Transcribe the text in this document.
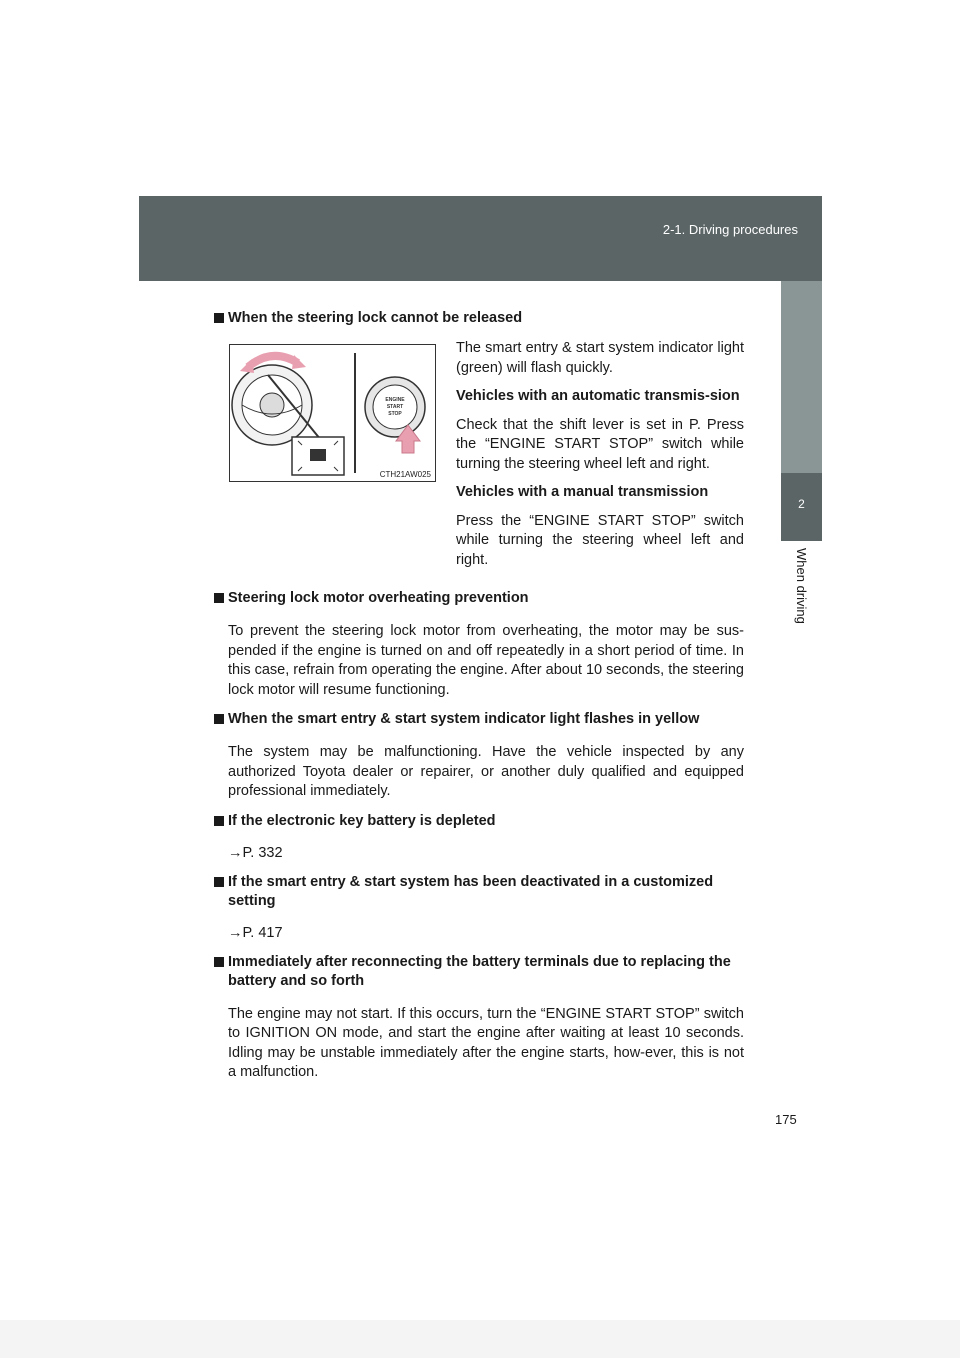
2-1. Driving procedures
2
When driving
When the steering lock cannot be released
ENGINE
START
STOP
CTH21AW025

The smart entry & start system indicator light (green) will flash quickly.

Vehicles with an automatic transmis-sion

Check that the shift lever is set in P. Press the “ENGINE START STOP” switch while turning the steering wheel left and right.

Vehicles with a manual transmission

Press the “ENGINE START STOP” switch while turning the steering wheel left and right.

Steering lock motor overheating prevention

To prevent the steering lock motor from overheating, the motor may be sus-pended if the engine is turned on and off repeatedly in a short period of time. In this case, refrain from operating the engine. After about 10 seconds, the steering lock motor will resume functioning.

When the smart entry & start system indicator light flashes in yellow

The system may be malfunctioning. Have the vehicle inspected by any authorized Toyota dealer or repairer, or another duly qualified and equipped professional immediately.

If the electronic key battery is depleted

→P. 332

If the smart entry & start system has been deactivated in a customized setting

→P. 417

Immediately after reconnecting the battery terminals due to replacing the battery and so forth

The engine may not start. If this occurs, turn the “ENGINE START STOP” switch to IGNITION ON mode, and start the engine after waiting at least 10 seconds. Idling may be unstable immediately after the engine starts, how-ever, this is not a malfunction.

175
